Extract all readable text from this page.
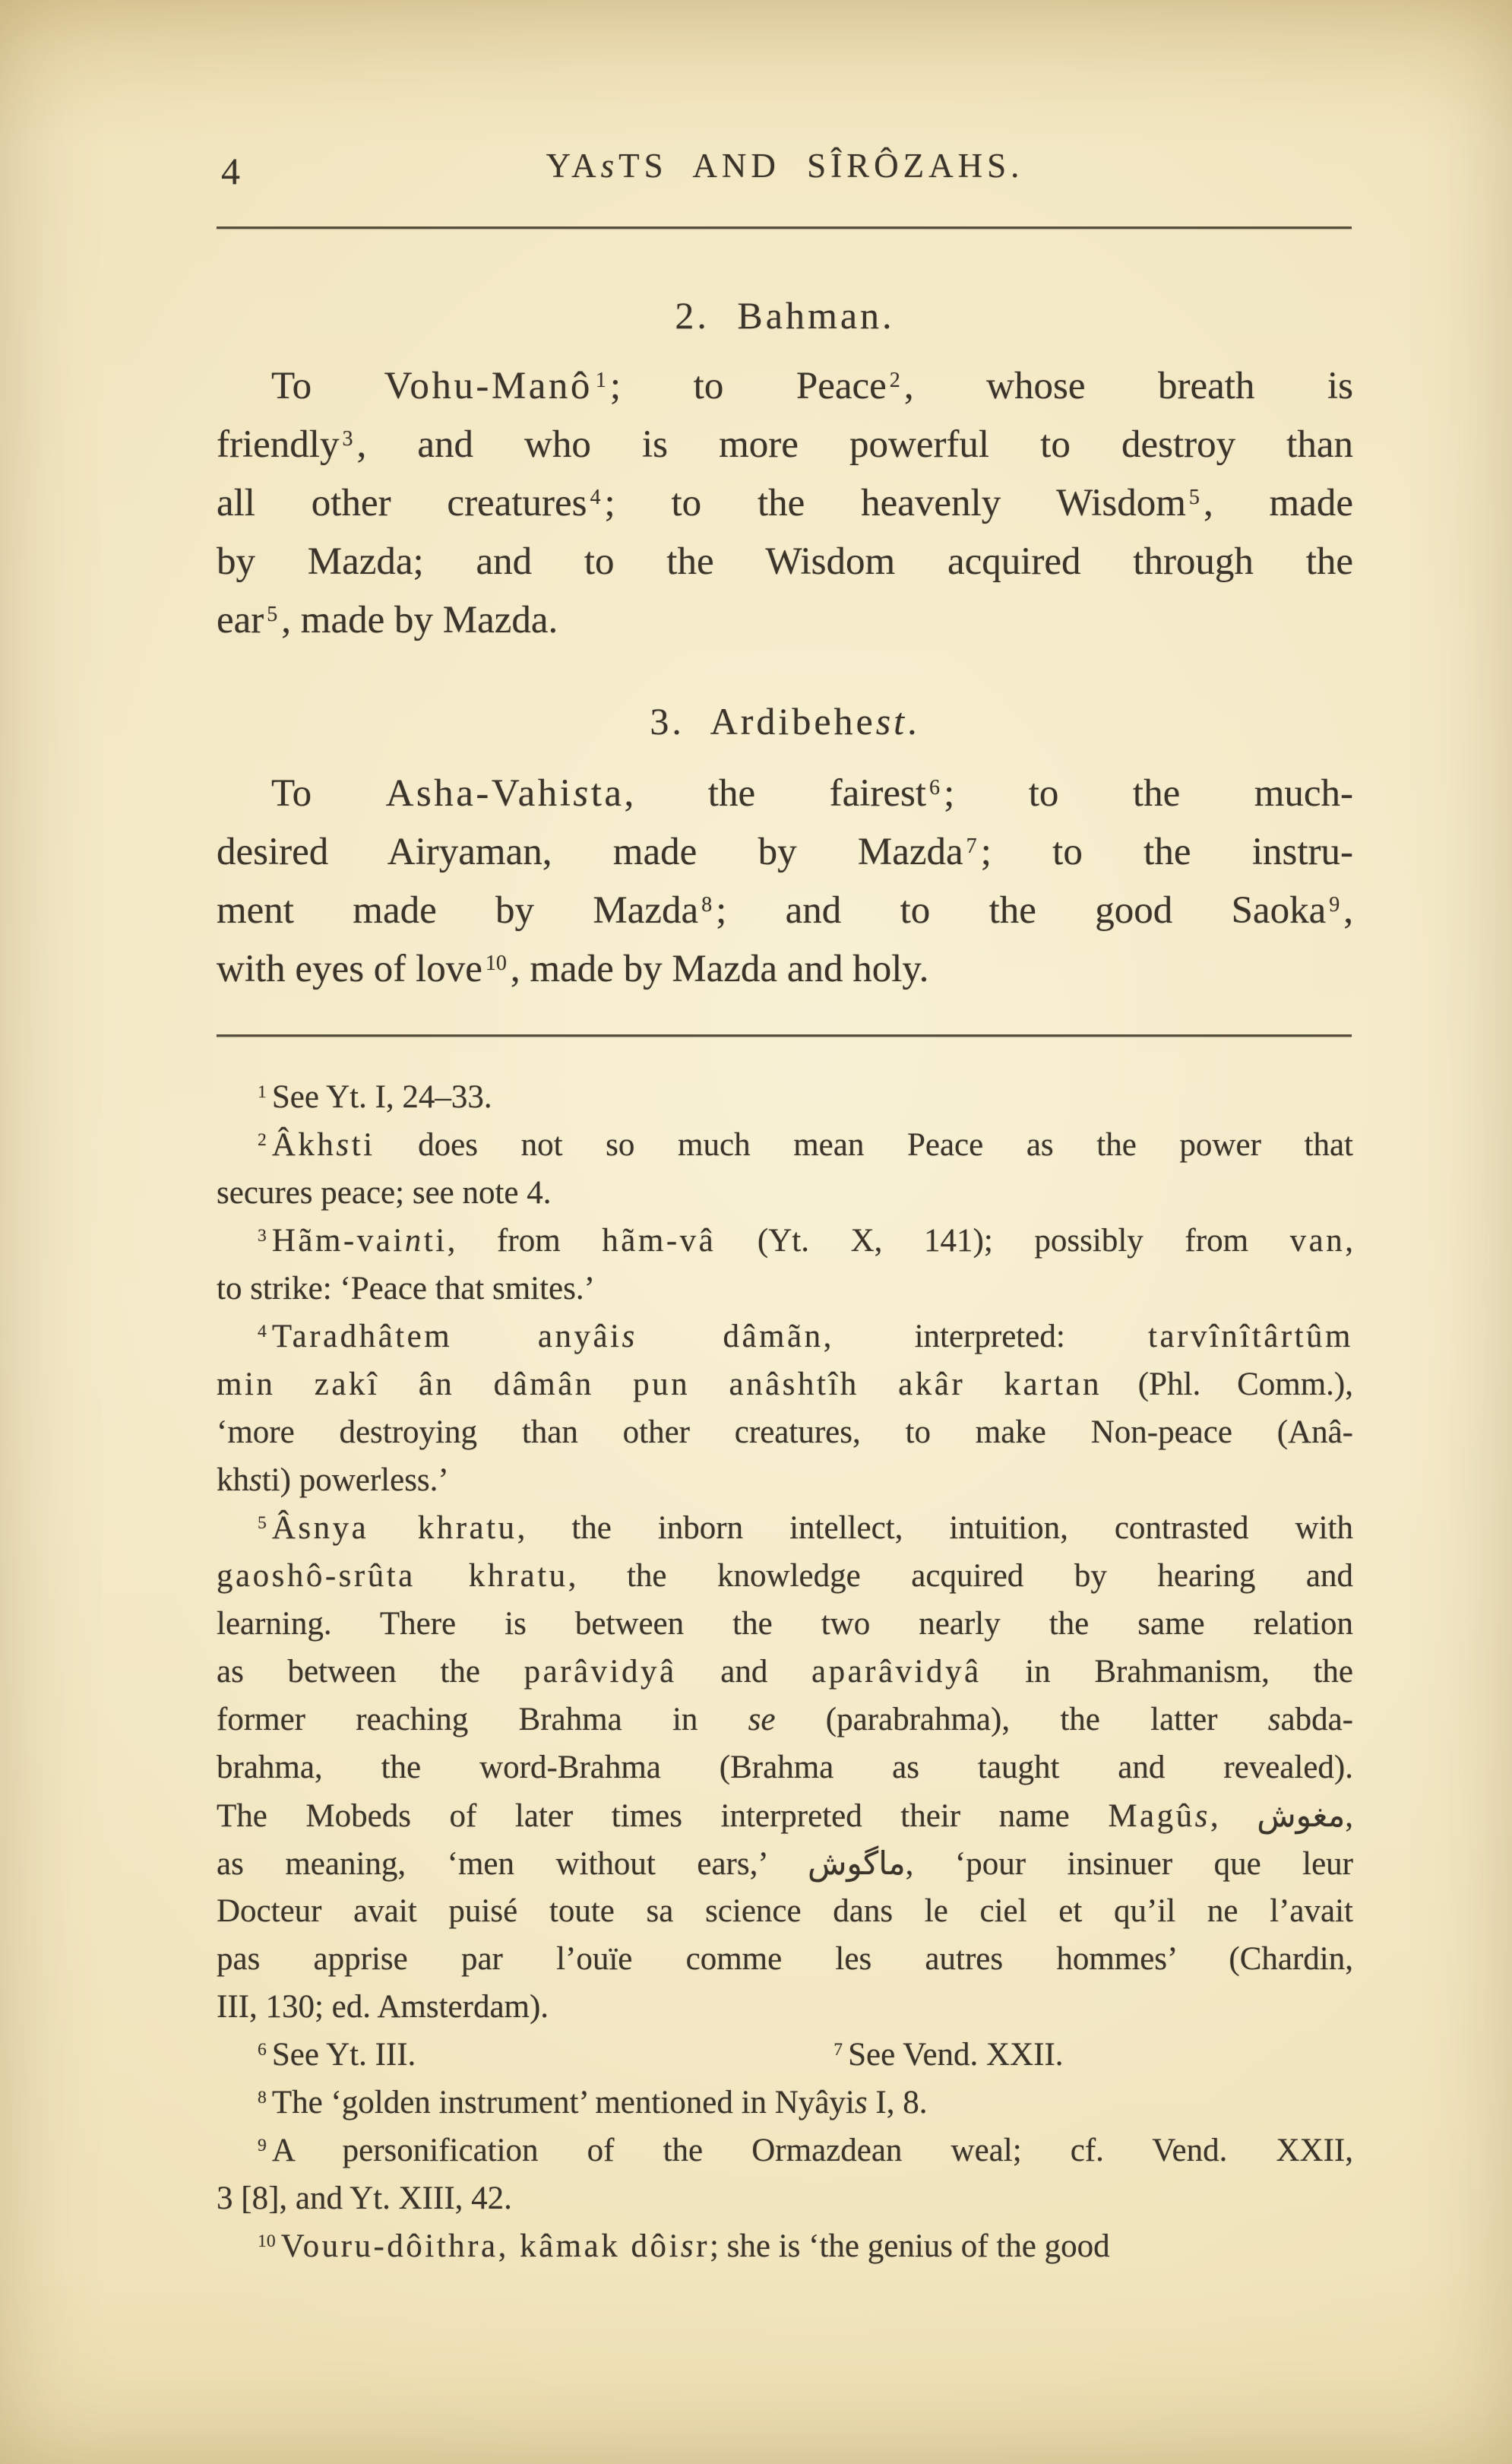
4	YAsTS AND SÎRÔZAHS.
2. Bahman.
To Vohu-Manô $^1$; to Peace $^2$, whose breath is
friendly $^3$, and who is more powerful to destroy than
all other creatures $^4$; to the heavenly Wisdom $^5$, made
by Mazda; and to the Wisdom acquired through the
ear $^5$, made by Mazda.
3. Ardibehest.
To Asha-Vahista, the fairest $^6$; to the much-
desired Airyaman, made by Mazda $^7$; to the instru-
ment made by Mazda $^8$; and to the good Saoka $^9$,
with eyes of love $^{10}$, made by Mazda and holy.
$^1$ See Yt. I, 24–33.
$^2$ Âkhsti does not so much mean Peace as the power that
secures peace; see note 4.
$^3$ Hãm-vainti, from hãm-vâ (Yt. X, 141); possibly from van,
to strike: ‘Peace that smites.’
$^4$ Taradhâtem anyâis dâmãn, interpreted: tarvînîtârtûm
min zakî ân dâmân pun anâshtîh akâr kartan (Phl. Comm.),
‘more destroying than other creatures, to make Non-peace (Anâ-
khsti) powerless.’
$^5$ Âsnya khratu, the inborn intellect, intuition, contrasted with
gaoshô-srûta khratu, the knowledge acquired by hearing and
learning. There is between the two nearly the same relation
as between the parâvidyâ and aparâvidyâ in Brahmanism, the
former reaching Brahma in se (parabrahma), the latter sabda-
brahma, the word-Brahma (Brahma as taught and revealed).
The Mobeds of later times interpreted their name Magûs, مغوش,
as meaning, ‘men without ears,’ ماگوش, ‘pour insinuer que leur
Docteur avait puisé toute sa science dans le ciel et qu’il ne l’avait
pas apprise par l’ouïe comme les autres hommes’ (Chardin,
III, 130; ed. Amsterdam).
$^6$ See Yt. III.	$^7$ See Vend. XXII.
$^8$ The ‘golden instrument’ mentioned in Nyâyis I, 8.
$^9$ A personification of the Ormazdean weal; cf. Vend. XXII,
3 [8], and Yt. XIII, 42.
$^{10}$ Vouru-dôithra, kâmak dôisr; she is ‘the genius of the good
